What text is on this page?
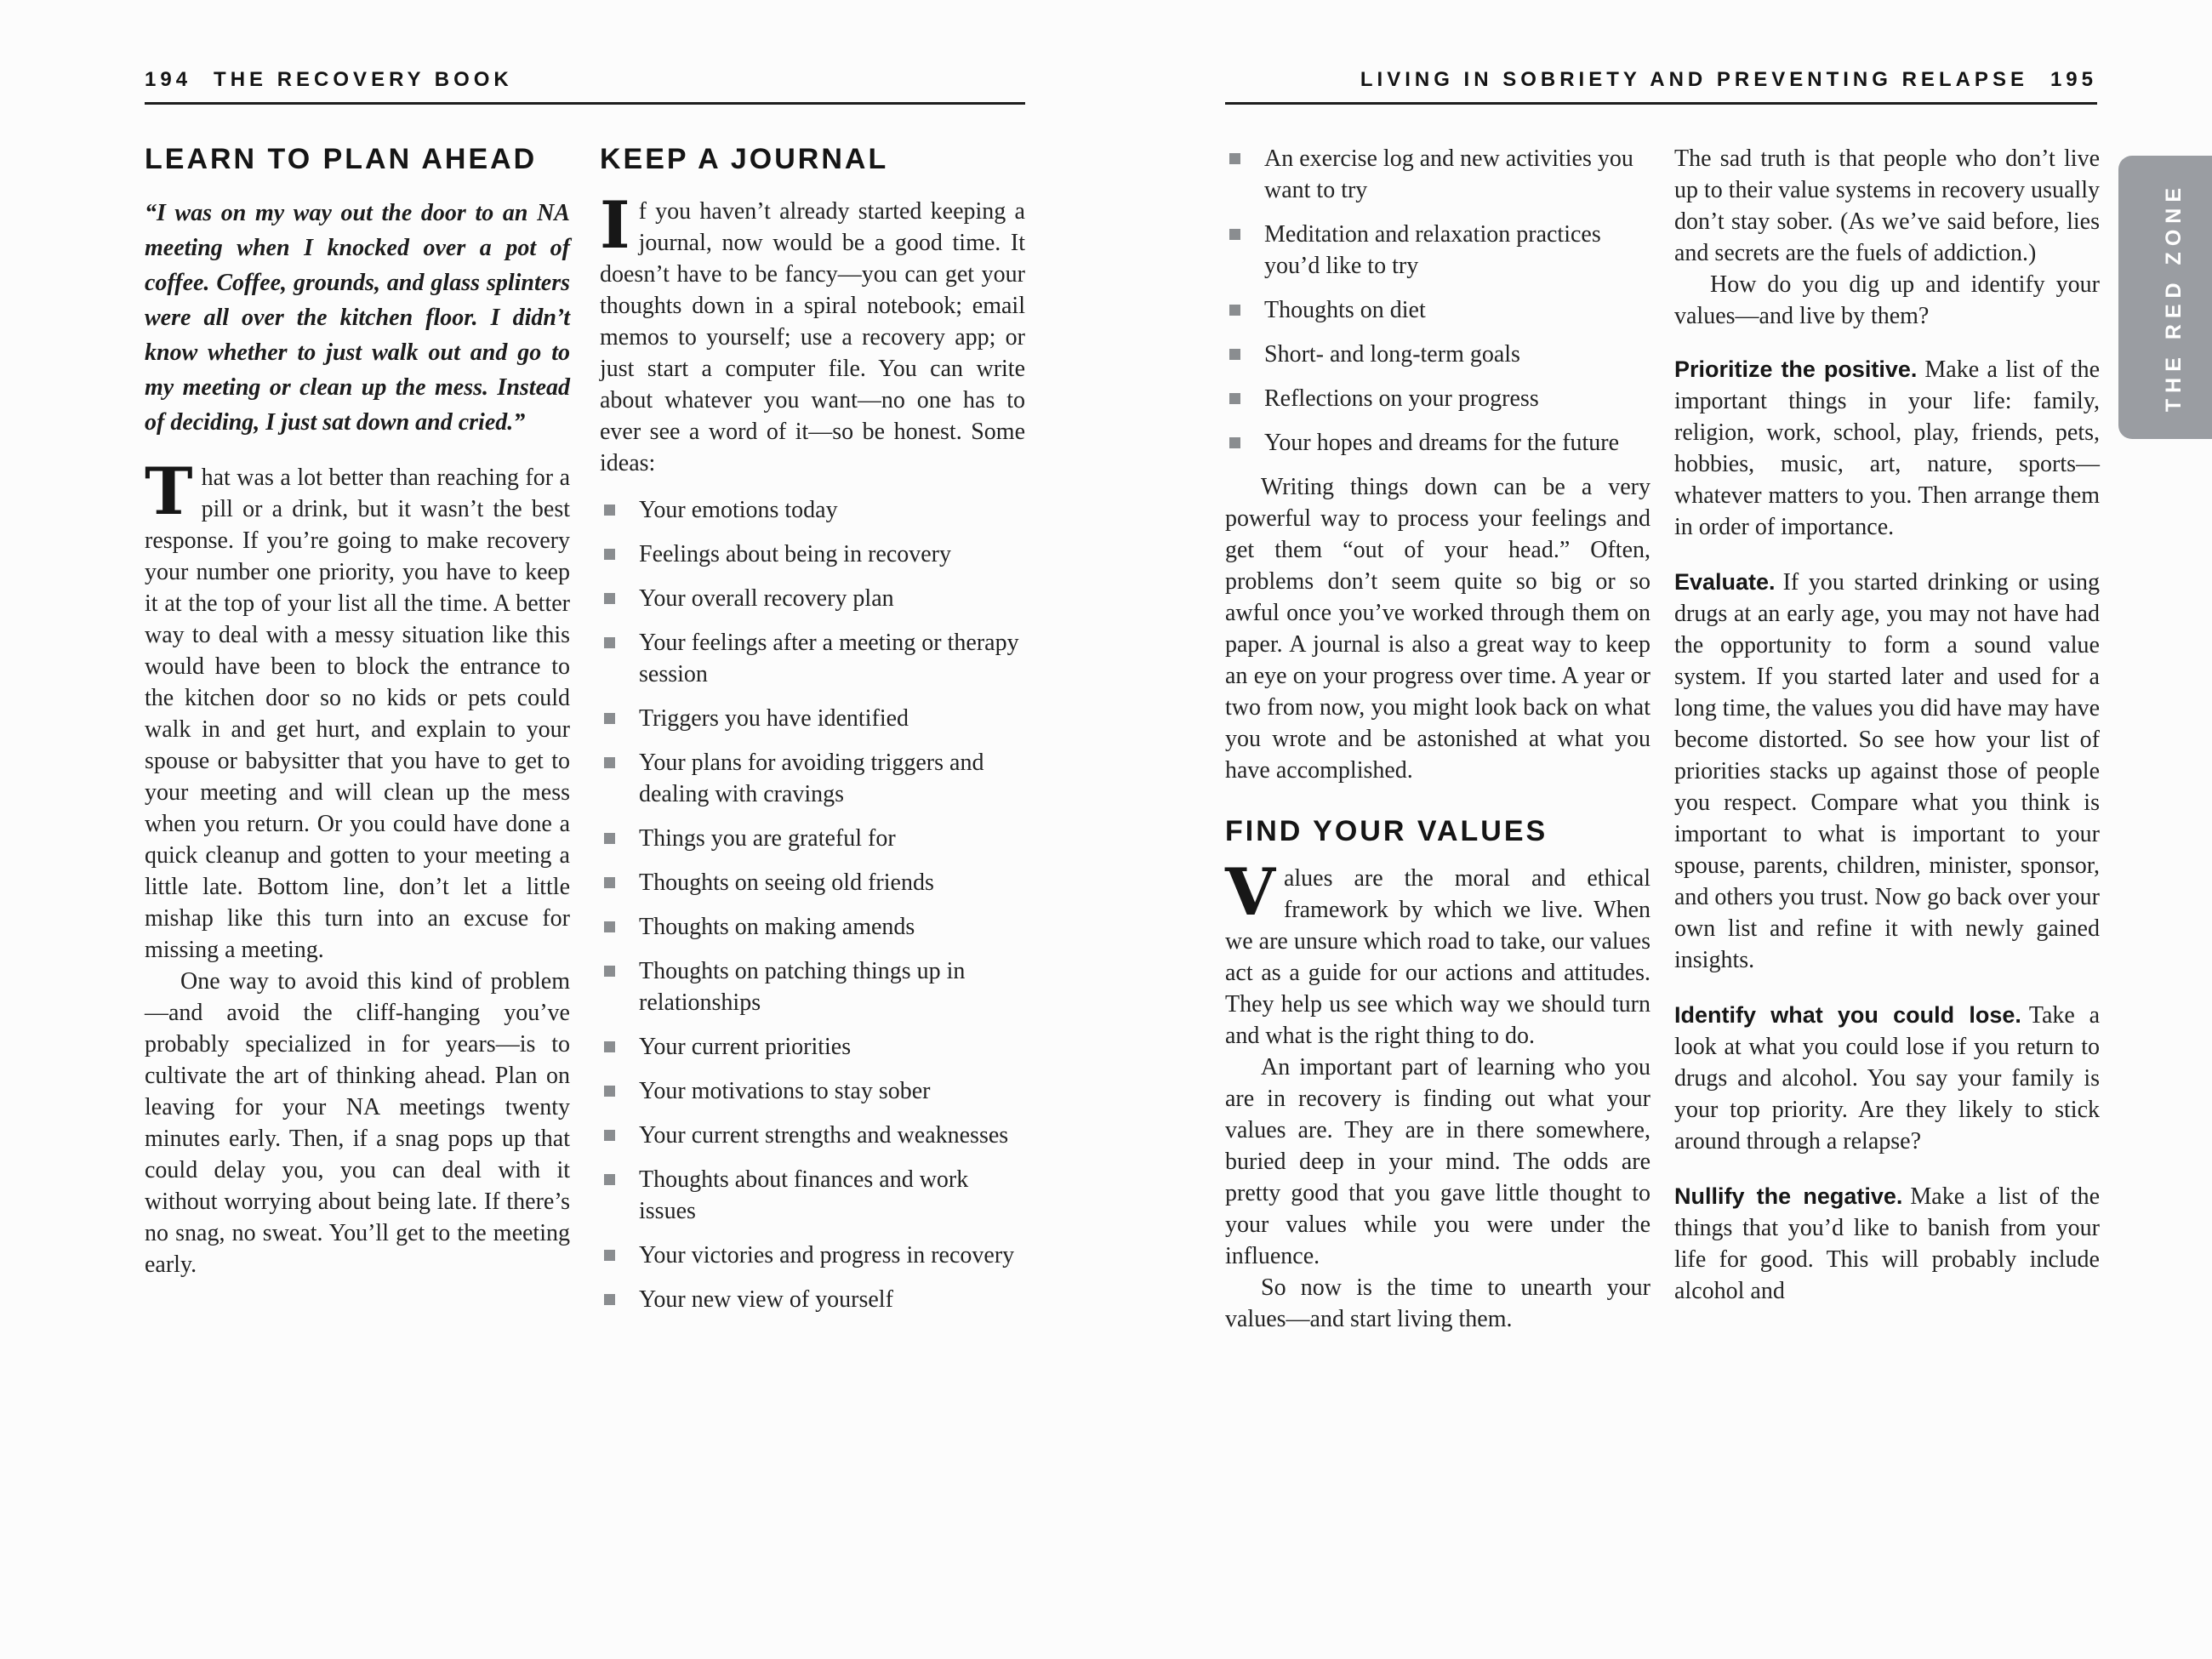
194 THE RECOVERY BOOK	LIVING IN SOBRIETY AND PREVENTING RELAPSE 195
LEARN TO PLAN AHEAD

“I was on my way out the door to an NA meeting when I knocked over a pot of coffee. Coffee, grounds, and glass splinters were all over the kitchen floor. I didn’t know whether to just walk out and go to my meeting or clean up the mess. Instead of deciding, I just sat down and cried.”

That was a lot better than reaching for a pill or a drink, but it wasn’t the best response. If you’re going to make recovery your number one priority, you have to keep it at the top of your list all the time. A better way to deal with a messy situation like this would have been to block the entrance to the kitchen door so no kids or pets could walk in and get hurt, and explain to your spouse or babysitter that you have to get to your meeting and will clean up the mess when you return. Or you could have done a quick cleanup and gotten to your meeting a little late. Bottom line, don’t let a little mishap like this turn into an excuse for missing a meeting.

One way to avoid this kind of problem—and avoid the cliff-hanging you’ve probably specialized in for years—is to cultivate the art of thinking ahead. Plan on leaving for your NA meetings twenty minutes early. Then, if a snag pops up that could delay you, you can deal with it without worrying about being late. If there’s no snag, no sweat. You’ll get to the meeting early.

KEEP A JOURNAL

If you haven’t already started keeping a journal, now would be a good time. It doesn’t have to be fancy—you can get your thoughts down in a spiral notebook; email memos to yourself; use a recovery app; or just start a computer file. You can write about whatever you want—no one has to ever see a word of it—so be honest. Some ideas:

Your emotions today
Feelings about being in recovery
Your overall recovery plan
Your feelings after a meeting or therapy session
Triggers you have identified
Your plans for avoiding triggers and dealing with cravings
Things you are grateful for
Thoughts on seeing old friends
Thoughts on making amends
Thoughts on patching things up in relationships
Your current priorities
Your motivations to stay sober
Your current strengths and weaknesses
Thoughts about finances and work issues
Your victories and progress in recovery
Your new view of yourself
An exercise log and new activities you want to try
Meditation and relaxation practices you’d like to try
Thoughts on diet
Short- and long-term goals
Reflections on your progress
Your hopes and dreams for the future

Writing things down can be a very powerful way to process your feelings and get them “out of your head.” Often, problems don’t seem quite so big or so awful once you’ve worked through them on paper. A journal is also a great way to keep an eye on your progress over time. A year or two from now, you might look back on what you wrote and be astonished at what you have accomplished.

FIND YOUR VALUES

Values are the moral and ethical framework by which we live. When we are unsure which road to take, our values act as a guide for our actions and attitudes. They help us see which way we should turn and what is the right thing to do.

An important part of learning who you are in recovery is finding out what your values are. They are in there somewhere, buried deep in your mind. The odds are pretty good that you gave little thought to your values while you were under the influence.

So now is the time to unearth your values—and start living them.

The sad truth is that people who don’t live up to their value systems in recovery usually don’t stay sober. (As we’ve said before, lies and secrets are the fuels of addiction.)

How do you dig up and identify your values—and live by them?

Prioritize the positive. Make a list of the important things in your life: family, religion, work, school, play, friends, pets, hobbies, music, art, nature, sports—whatever matters to you. Then arrange them in order of importance.

Evaluate. If you started drinking or using drugs at an early age, you may not have had the opportunity to form a sound value system. If you started later and used for a long time, the values you did have may have become distorted. So see how your list of priorities stacks up against those of people you respect. Compare what you think is important to what is important to your spouse, parents, children, minister, sponsor, and others you trust. Now go back over your own list and refine it with newly gained insights.

Identify what you could lose. Take a look at what you could lose if you return to drugs and alcohol. You say your family is your top priority. Are they likely to stick around through a relapse?

Nullify the negative. Make a list of the things that you’d like to banish from your life for good. This will probably include alcohol and

THE RED ZONE
